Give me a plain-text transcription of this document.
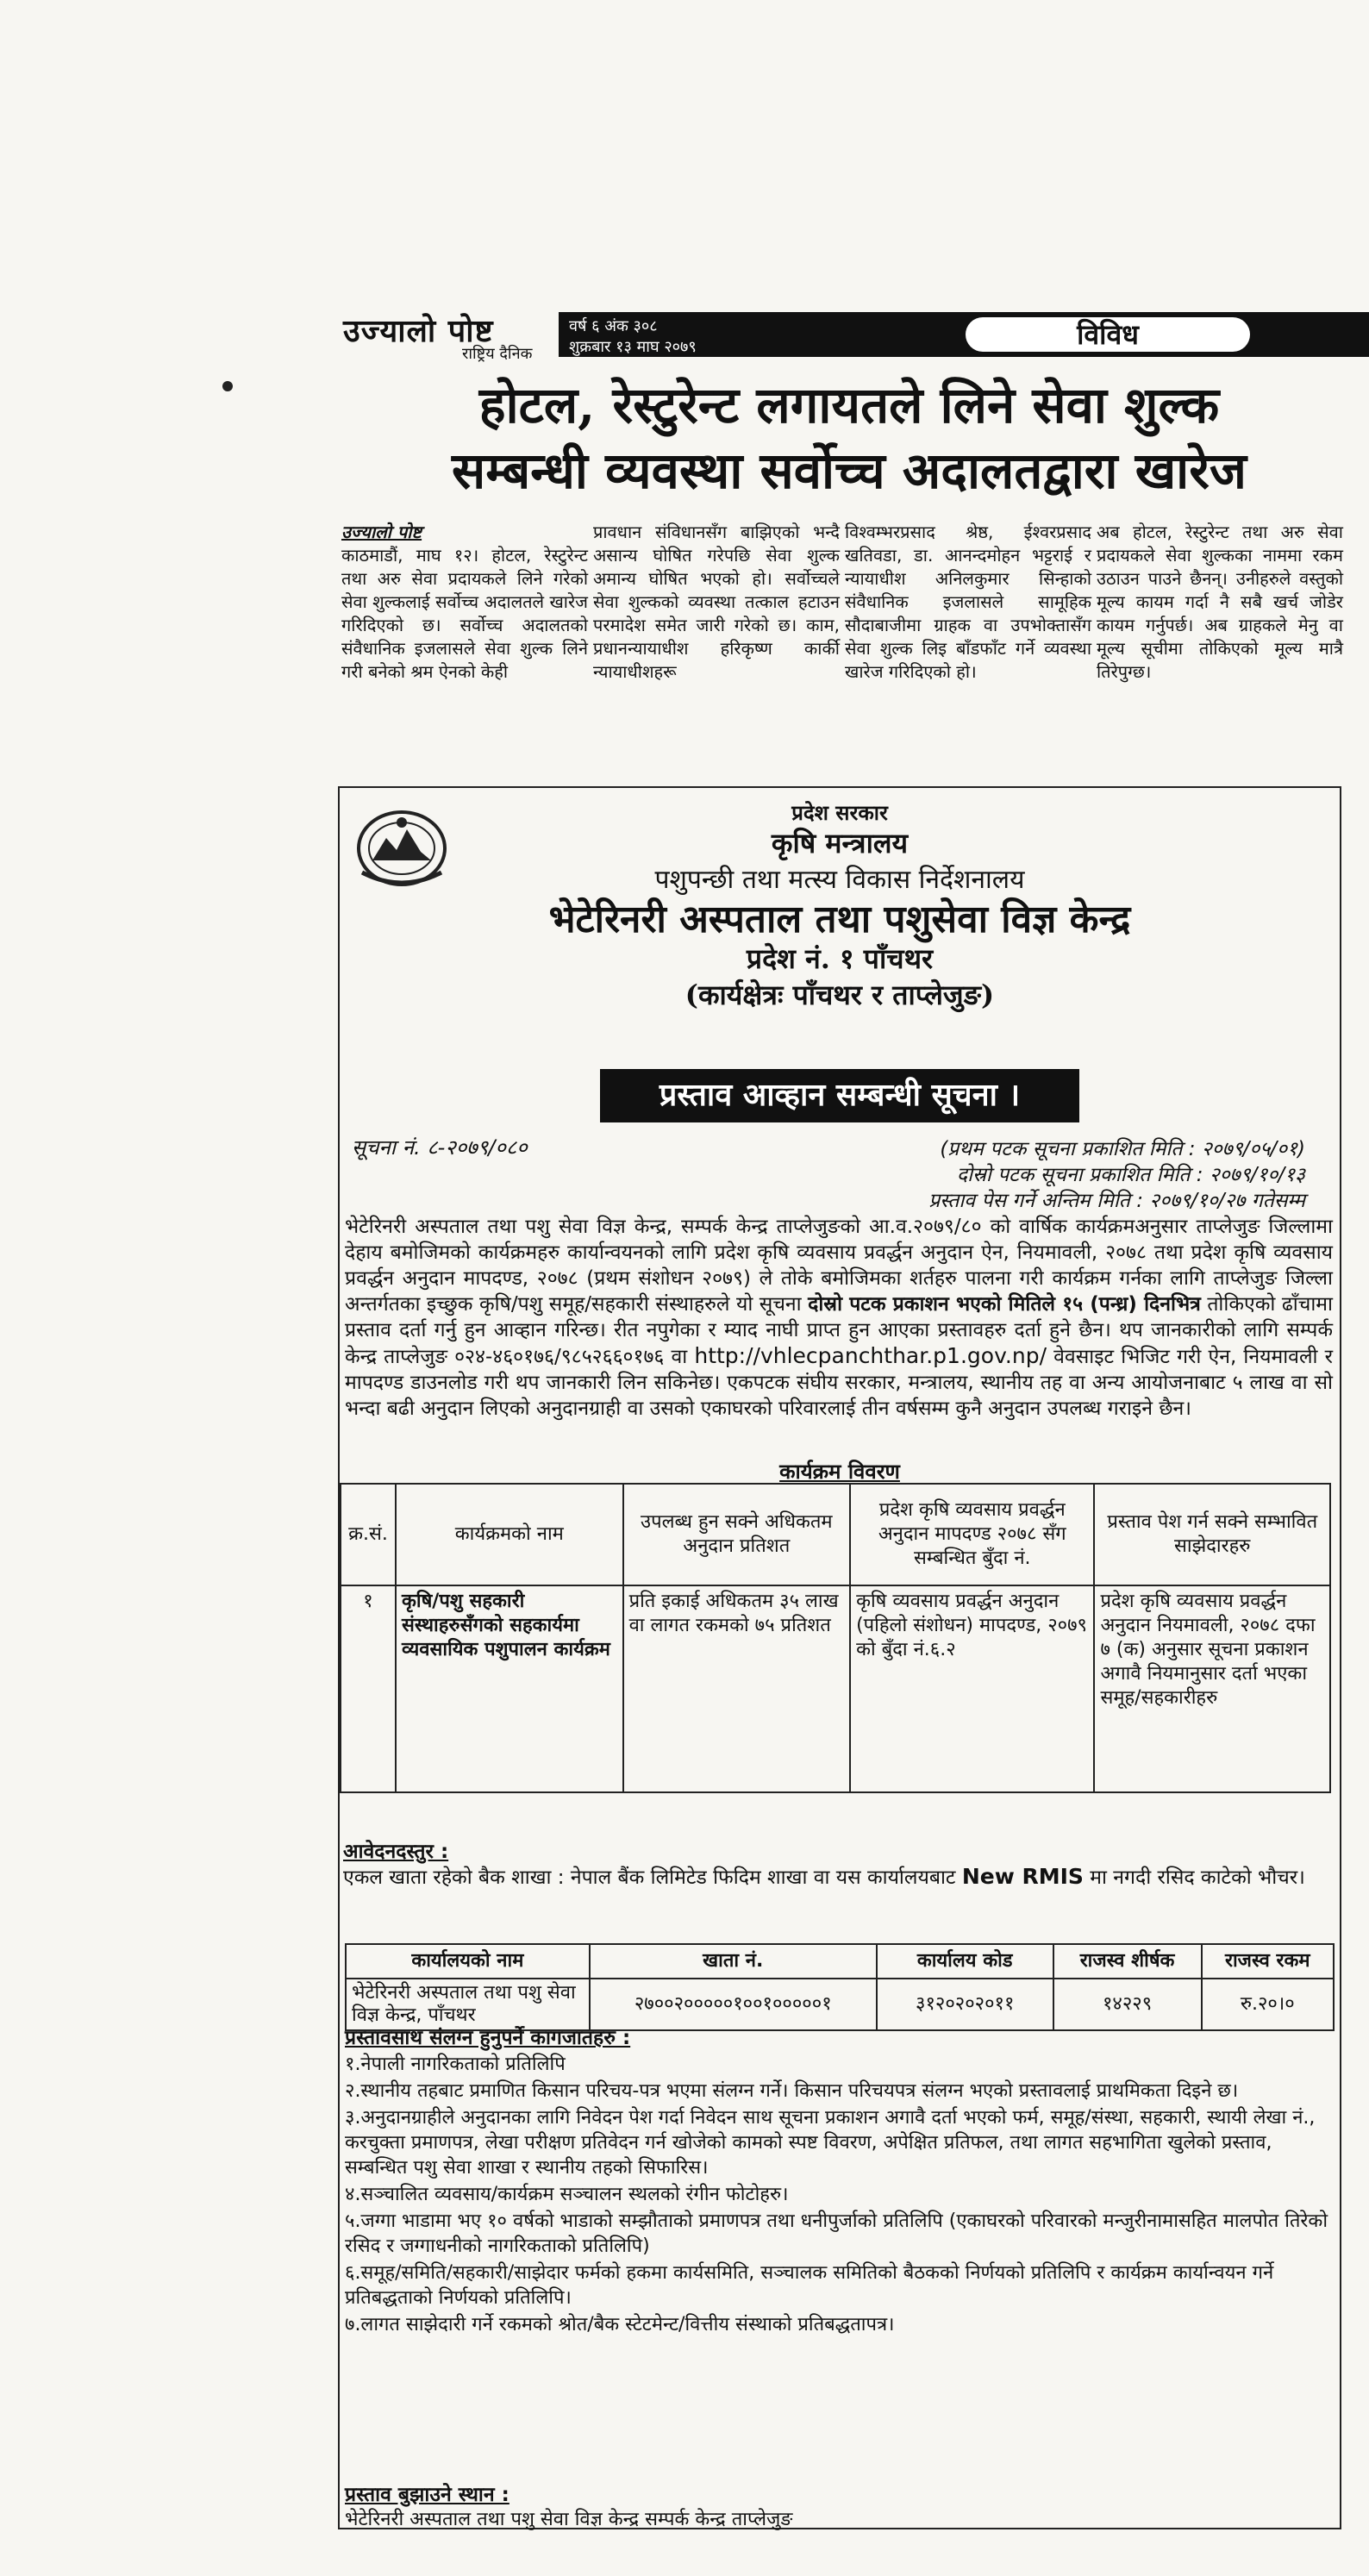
उज्यालो पोष्ट
राष्ट्रिय दैनिक
वर्ष ६ अंक ३०८
शुक्रबार १३ माघ २०७९	विविध
होटल, रेस्टुरेन्ट लगायतले लिने सेवा शुल्क
सम्बन्धी व्यवस्था सर्वोच्च अदालतद्वारा खारेज
उज्यालो पोष्ट
काठमाडौं, माघ १२। होटल, रेस्टुरेन्ट तथा अरु सेवा प्रदायकले लिने गरेको सेवा शुल्कलाई सर्वोच्च अदालतले खारेज गरिदिएको छ। सर्वोच्च अदालतको संवैधानिक इजलासले सेवा शुल्क लिने गरी बनेको श्रम ऐनको केही
प्रावधान संविधानसँग बाझिएको भन्दै असान्य घोषित गरेपछि सेवा शुल्क अमान्य घोषित भएको हो। सर्वोच्चले सेवा शुल्कको व्यवस्था तत्काल हटाउन परमादेश समेत जारी गरेको छ। काम, प्रधानन्यायाधीश हरिकृष्ण कार्की न्यायाधीशहरू
विश्वम्भरप्रसाद श्रेष्ठ, ईश्वरप्रसाद खतिवडा, डा. आनन्दमोहन भट्टराई र न्यायाधीश अनिलकुमार सिन्हाको संवैधानिक इजलासले सामूहिक सौदाबाजीमा ग्राहक वा उपभोक्तासँग सेवा शुल्क लिइ बाँडफाँट गर्ने व्यवस्था खारेज गरिदिएको हो।
अब होटल, रेस्टुरेन्ट तथा अरु सेवा प्रदायकले सेवा शुल्कका नाममा रकम उठाउन पाउने छैनन्। उनीहरुले वस्तुको मूल्य कायम गर्दा नै सबै खर्च जोडेर कायम गर्नुपर्छ। अब ग्राहकले मेनु वा मूल्य सूचीमा तोकिएको मूल्य मात्रै तिरेपुग्छ।
प्रदेश सरकार
कृषि मन्त्रालय
पशुपन्छी तथा मत्स्य विकास निर्देशनालय
भेटेरिनरी अस्पताल तथा पशुसेवा विज्ञ केन्द्र
प्रदेश नं. १ पाँचथर
(कार्यक्षेत्रः पाँचथर र ताप्लेजुङ)
प्रस्ताव आव्हान सम्बन्धी सूचना ।
सूचना नं. ८-२०७९/०८०	(प्रथम पटक सूचना प्रकाशित मिति : २०७९/०५/०१)
दोस्रो पटक सूचना प्रकाशित मिति : २०७९/१०/१३
प्रस्ताव पेस गर्ने अन्तिम मिति : २०७९/१०/२७ गतेसम्म
भेटेरिनरी अस्पताल तथा पशु सेवा विज्ञ केन्द्र, सम्पर्क केन्द्र ताप्लेजुङको आ.व.२०७९/८० को वार्षिक कार्यक्रमअनुसार ताप्लेजुङ जिल्लामा देहाय बमोजिमको कार्यक्रमहरु कार्यान्वयनको लागि प्रदेश कृषि व्यवसाय प्रवर्द्धन अनुदान ऐन, नियमावली, २०७८ तथा प्रदेश कृषि व्यवसाय प्रवर्द्धन अनुदान मापदण्ड, २०७८ (प्रथम संशोधन २०७९) ले तोके बमोजिमका शर्तहरु पालना गरी कार्यक्रम गर्नका लागि ताप्लेजुङ जिल्ला अन्तर्गतका इच्छुक कृषि/पशु समूह/सहकारी संस्थाहरुले यो सूचना दोस्रो पटक प्रकाशन भएको मितिले १५ (पन्ध्र) दिनभित्र तोकिएको ढाँचामा प्रस्ताव दर्ता गर्नु हुन आव्हान गरिन्छ। रीत नपुगेका र म्याद नाघी प्राप्त हुन आएका प्रस्तावहरु दर्ता हुने छैन। थप जानकारीको लागि सम्पर्क केन्द्र ताप्लेजुङ ०२४-४६०१७६/९८५२६६०१७६ वा http://vhlecpanchthar.p1.gov.np/ वेवसाइट भिजिट गरी ऐन, नियमावली र मापदण्ड डाउनलोड गरी थप जानकारी लिन सकिनेछ। एकपटक संघीय सरकार, मन्त्रालय, स्थानीय तह वा अन्य आयोजनाबाट ५ लाख वा सो भन्दा बढी अनुदान लिएको अनुदानग्राही वा उसको एकाघरको परिवारलाई तीन वर्षसम्म कुनै अनुदान उपलब्ध गराइने छैन।
कार्यक्रम विवरण
क्र.सं.	कार्यक्रमको नाम	उपलब्ध हुन सक्ने अधिकतम अनुदान प्रतिशत	प्रदेश कृषि व्यवसाय प्रवर्द्धन अनुदान मापदण्ड २०७८ सँग सम्बन्धित बुँदा नं.	प्रस्ताव पेश गर्न सक्ने सम्भावित साझेदारहरु
१	कृषि/पशु सहकारी संस्थाहरुसँगको सहकार्यमा व्यवसायिक पशुपालन कार्यक्रम	प्रति इकाई अधिकतम ३५ लाख वा लागत रकमको ७५ प्रतिशत	कृषि व्यवसाय प्रवर्द्धन अनुदान (पहिलो संशोधन) मापदण्ड, २०७९ को बुँदा नं.६.२	प्रदेश कृषि व्यवसाय प्रवर्द्धन अनुदान नियमावली, २०७८ दफा ७ (क) अनुसार सूचना प्रकाशन अगावै नियमानुसार दर्ता भएका समूह/सहकारीहरु
आवेदनदस्तुर :
एकल खाता रहेको बैक शाखा : नेपाल बैंक लिमिटेड फिदिम शाखा वा यस कार्यालयबाट New RMIS मा नगदी रसिद काटेको भौचर।
कार्यालयको नाम	खाता नं.	कार्यालय कोड	राजस्व शीर्षक	राजस्व रकम
भेटेरिनरी अस्पताल तथा पशु सेवा विज्ञ केन्द्र, पाँचथर	२७००२०००००१००१०००००१	३१२०२०२०११	१४२२९	रु.२०।०
प्रस्तावसाथ संलग्न हुनुपर्ने कागजातहरु :
१.नेपाली नागरिकताको प्रतिलिपि
२.स्थानीय तहबाट प्रमाणित किसान परिचय-पत्र भएमा संलग्न गर्ने। किसान परिचयपत्र संलग्न भएको प्रस्तावलाई प्राथमिकता दिइने छ।
३.अनुदानग्राहीले अनुदानका लागि निवेदन पेश गर्दा निवेदन साथ सूचना प्रकाशन अगावै दर्ता भएको फर्म, समूह/संस्था, सहकारी, स्थायी लेखा नं., करचुक्ता प्रमाणपत्र, लेखा परीक्षण प्रतिवेदन गर्न खोजेको कामको स्पष्ट विवरण, अपेक्षित प्रतिफल, तथा लागत सहभागिता खुलेको प्रस्ताव, सम्बन्धित पशु सेवा शाखा र स्थानीय तहको सिफारिस।
४.सञ्चालित व्यवसाय/कार्यक्रम सञ्चालन स्थलको रंगीन फोटोहरु।
५.जग्गा भाडामा भए १० वर्षको भाडाको सम्झौताको प्रमाणपत्र तथा धनीपुर्जाको प्रतिलिपि (एकाघरको परिवारको मन्जुरीनामासहित मालपोत तिरेको रसिद र जग्गाधनीको नागरिकताको प्रतिलिपि)
६.समूह/समिति/सहकारी/साझेदार फर्मको हकमा कार्यसमिति, सञ्चालक समितिको बैठकको निर्णयको प्रतिलिपि र कार्यक्रम कार्यान्वयन गर्ने प्रतिबद्धताको निर्णयको प्रतिलिपि।
७.लागत साझेदारी गर्ने रकमको श्रोत/बैक स्टेटमेन्ट/वित्तीय संस्थाको प्रतिबद्धतापत्र।
प्रस्ताव बुझाउने स्थान :
भेटेरिनरी अस्पताल तथा पशु सेवा विज्ञ केन्द्र सम्पर्क केन्द्र ताप्लेजुङ
